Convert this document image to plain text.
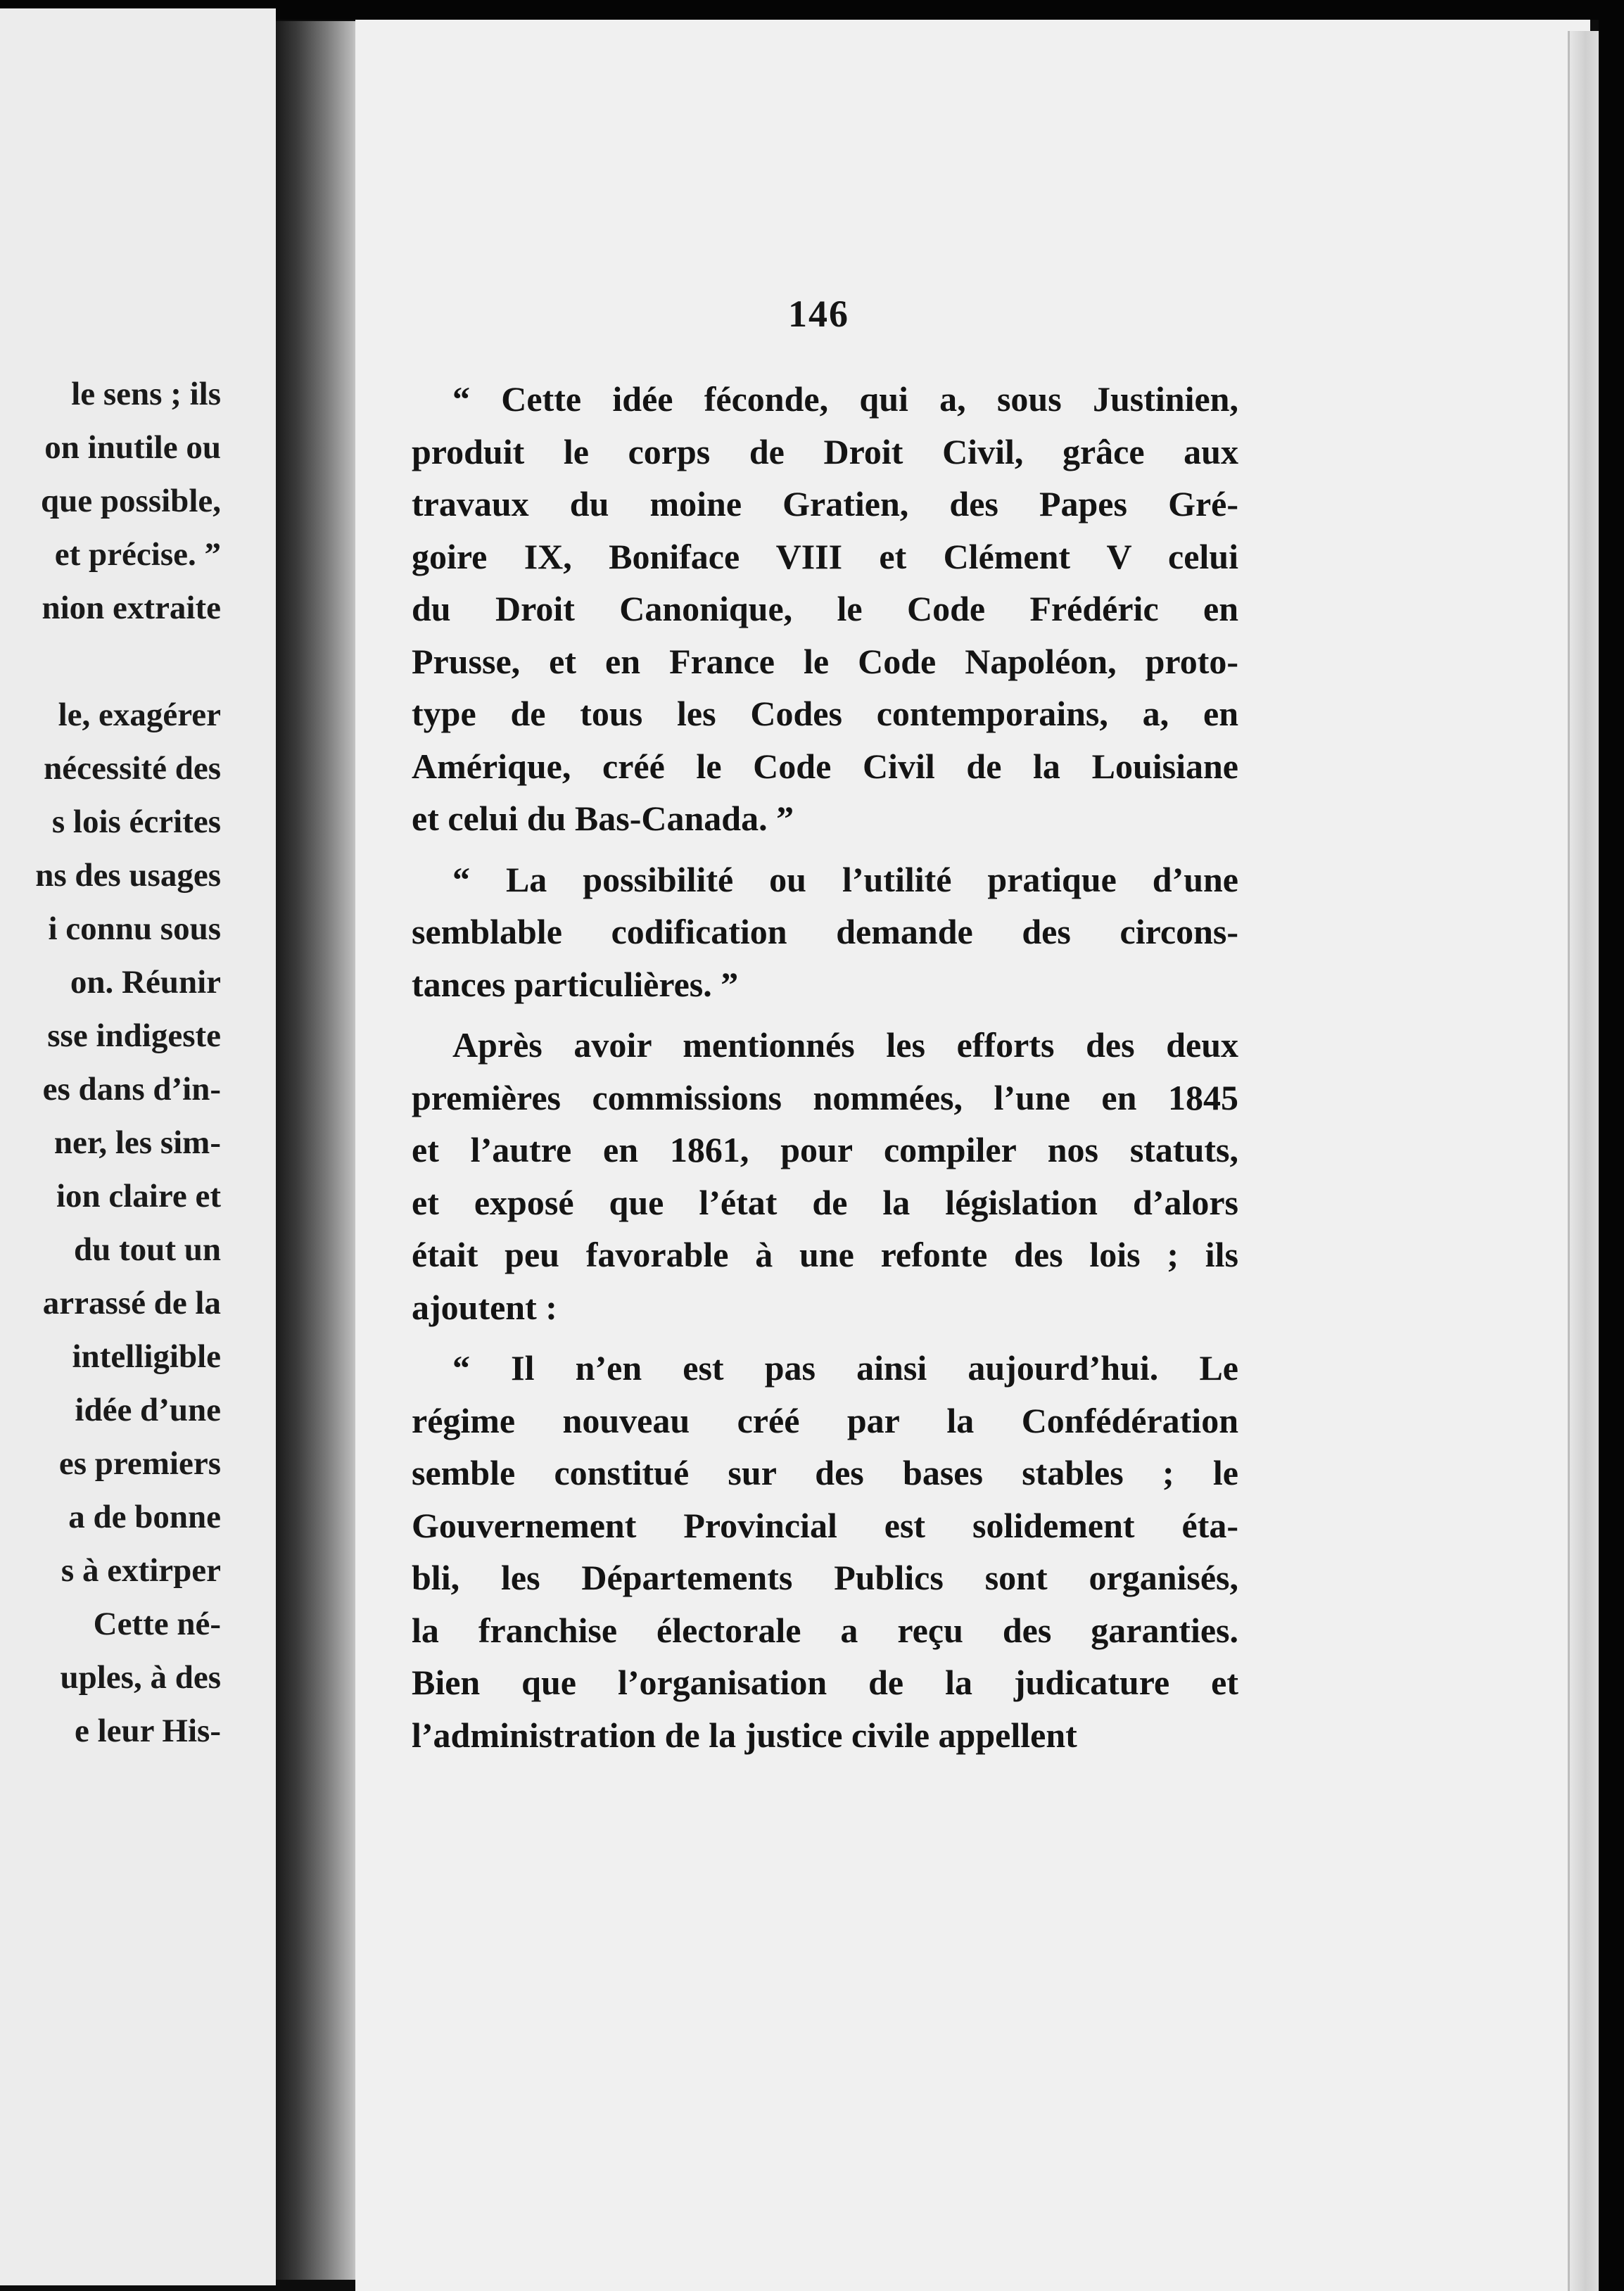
le sens ; ils
on inutile ou
que possible,
et précise. ”
nion extraite
le, exagérer
nécessité des
s lois écrites
ns des usages
i connu sous
on. Réunir
sse indigeste
es dans d’in-
ner, les sim-
ion claire et
du tout un
arrassé de la
intelligible
idée d’une
es premiers
a de bonne
s à extirper
Cette né-
uples, à des
e leur His-
146
“ Cette idée féconde, qui a, sous Justinien,
produit le corps de Droit Civil, grâce aux
travaux du moine Gratien, des Papes Gré-
goire IX, Boniface VIII et Clément V celui
du Droit Canonique, le Code Frédéric en
Prusse, et en France le Code Napoléon, proto-
type de tous les Codes contemporains, a, en
Amérique, créé le Code Civil de la Louisiane
et celui du Bas-Canada. ”
“ La possibilité ou l’utilité pratique d’une
semblable codification demande des circons-
tances particulières. ”
Après avoir mentionnés les efforts des deux
premières commissions nommées, l’une en 1845
et l’autre en 1861, pour compiler nos statuts,
et exposé que l’état de la législation d’alors
était peu favorable à une refonte des lois ; ils
ajoutent :
“ Il n’en est pas ainsi aujourd’hui. Le
régime nouveau créé par la Confédération
semble constitué sur des bases stables ; le
Gouvernement Provincial est solidement éta-
bli, les Départements Publics sont organisés,
la franchise électorale a reçu des garanties.
Bien que l’organisation de la judicature et
l’administration de la justice civile appellent
